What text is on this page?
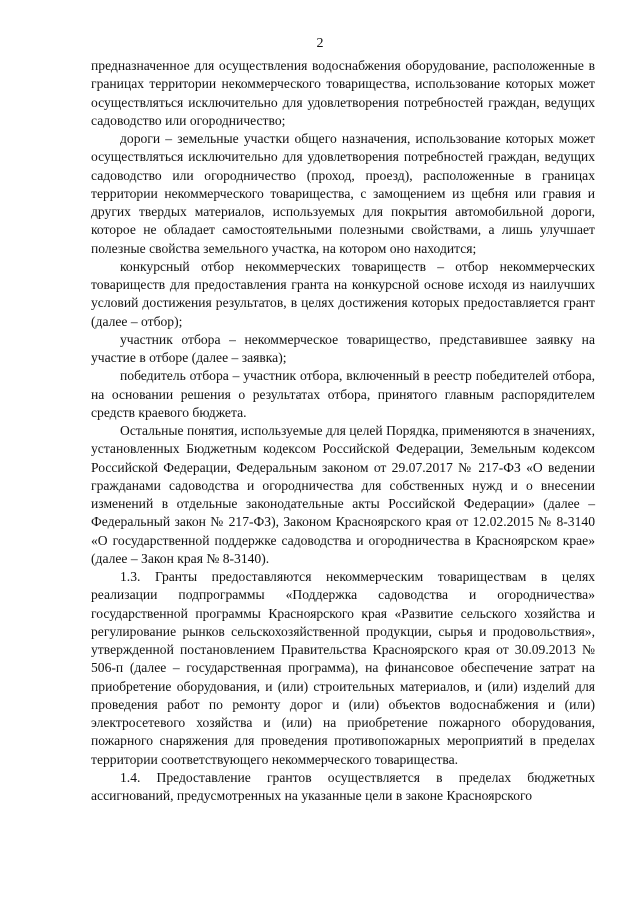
2

предназначенное для осуществления водоснабжения оборудование, расположенные в границах территории некоммерческого товарищества, использование которых может осуществляться исключительно для удовлетворения потребностей граждан, ведущих садоводство или огородничество;

дороги – земельные участки общего назначения, использование которых может осуществляться исключительно для удовлетворения потребностей граждан, ведущих садоводство или огородничество (проход, проезд), расположенные в границах территории некоммерческого товарищества, с замощением из щебня или гравия и других твердых материалов, используемых для покрытия автомобильной дороги, которое не обладает самостоятельными полезными свойствами, а лишь улучшает полезные свойства земельного участка, на котором оно находится;

конкурсный отбор некоммерческих товариществ – отбор некоммерческих товариществ для предоставления гранта на конкурсной основе исходя из наилучших условий достижения результатов, в целях достижения которых предоставляется грант (далее – отбор);

участник отбора – некоммерческое товарищество, представившее заявку на участие в отборе (далее – заявка);

победитель отбора – участник отбора, включенный в реестр победителей отбора, на основании решения о результатах отбора, принятого главным распорядителем средств краевого бюджета.

Остальные понятия, используемые для целей Порядка, применяются в значениях, установленных Бюджетным кодексом Российской Федерации, Земельным кодексом Российской Федерации, Федеральным законом от 29.07.2017 № 217-ФЗ «О ведении гражданами садоводства и огородничества для собственных нужд и о внесении изменений в отдельные законодательные акты Российской Федерации» (далее – Федеральный закон № 217-ФЗ), Законом Красноярского края от 12.02.2015 № 8-3140 «О государственной поддержке садоводства и огородничества в Красноярском крае» (далее – Закон края № 8-3140).

1.3. Гранты предоставляются некоммерческим товариществам в целях реализации подпрограммы «Поддержка садоводства и огородничества» государственной программы Красноярского края «Развитие сельского хозяйства и регулирование рынков сельскохозяйственной продукции, сырья и продовольствия», утвержденной постановлением Правительства Красноярского края от 30.09.2013 № 506-п (далее – государственная программа), на финансовое обеспечение затрат на приобретение оборудования, и (или) строительных материалов, и (или) изделий для проведения работ по ремонту дорог и (или) объектов водоснабжения и (или) электросетевого хозяйства и (или) на приобретение пожарного оборудования, пожарного снаряжения для проведения противопожарных мероприятий в пределах территории соответствующего некоммерческого товарищества.

1.4. Предоставление грантов осуществляется в пределах бюджетных ассигнований, предусмотренных на указанные цели в законе Красноярского
